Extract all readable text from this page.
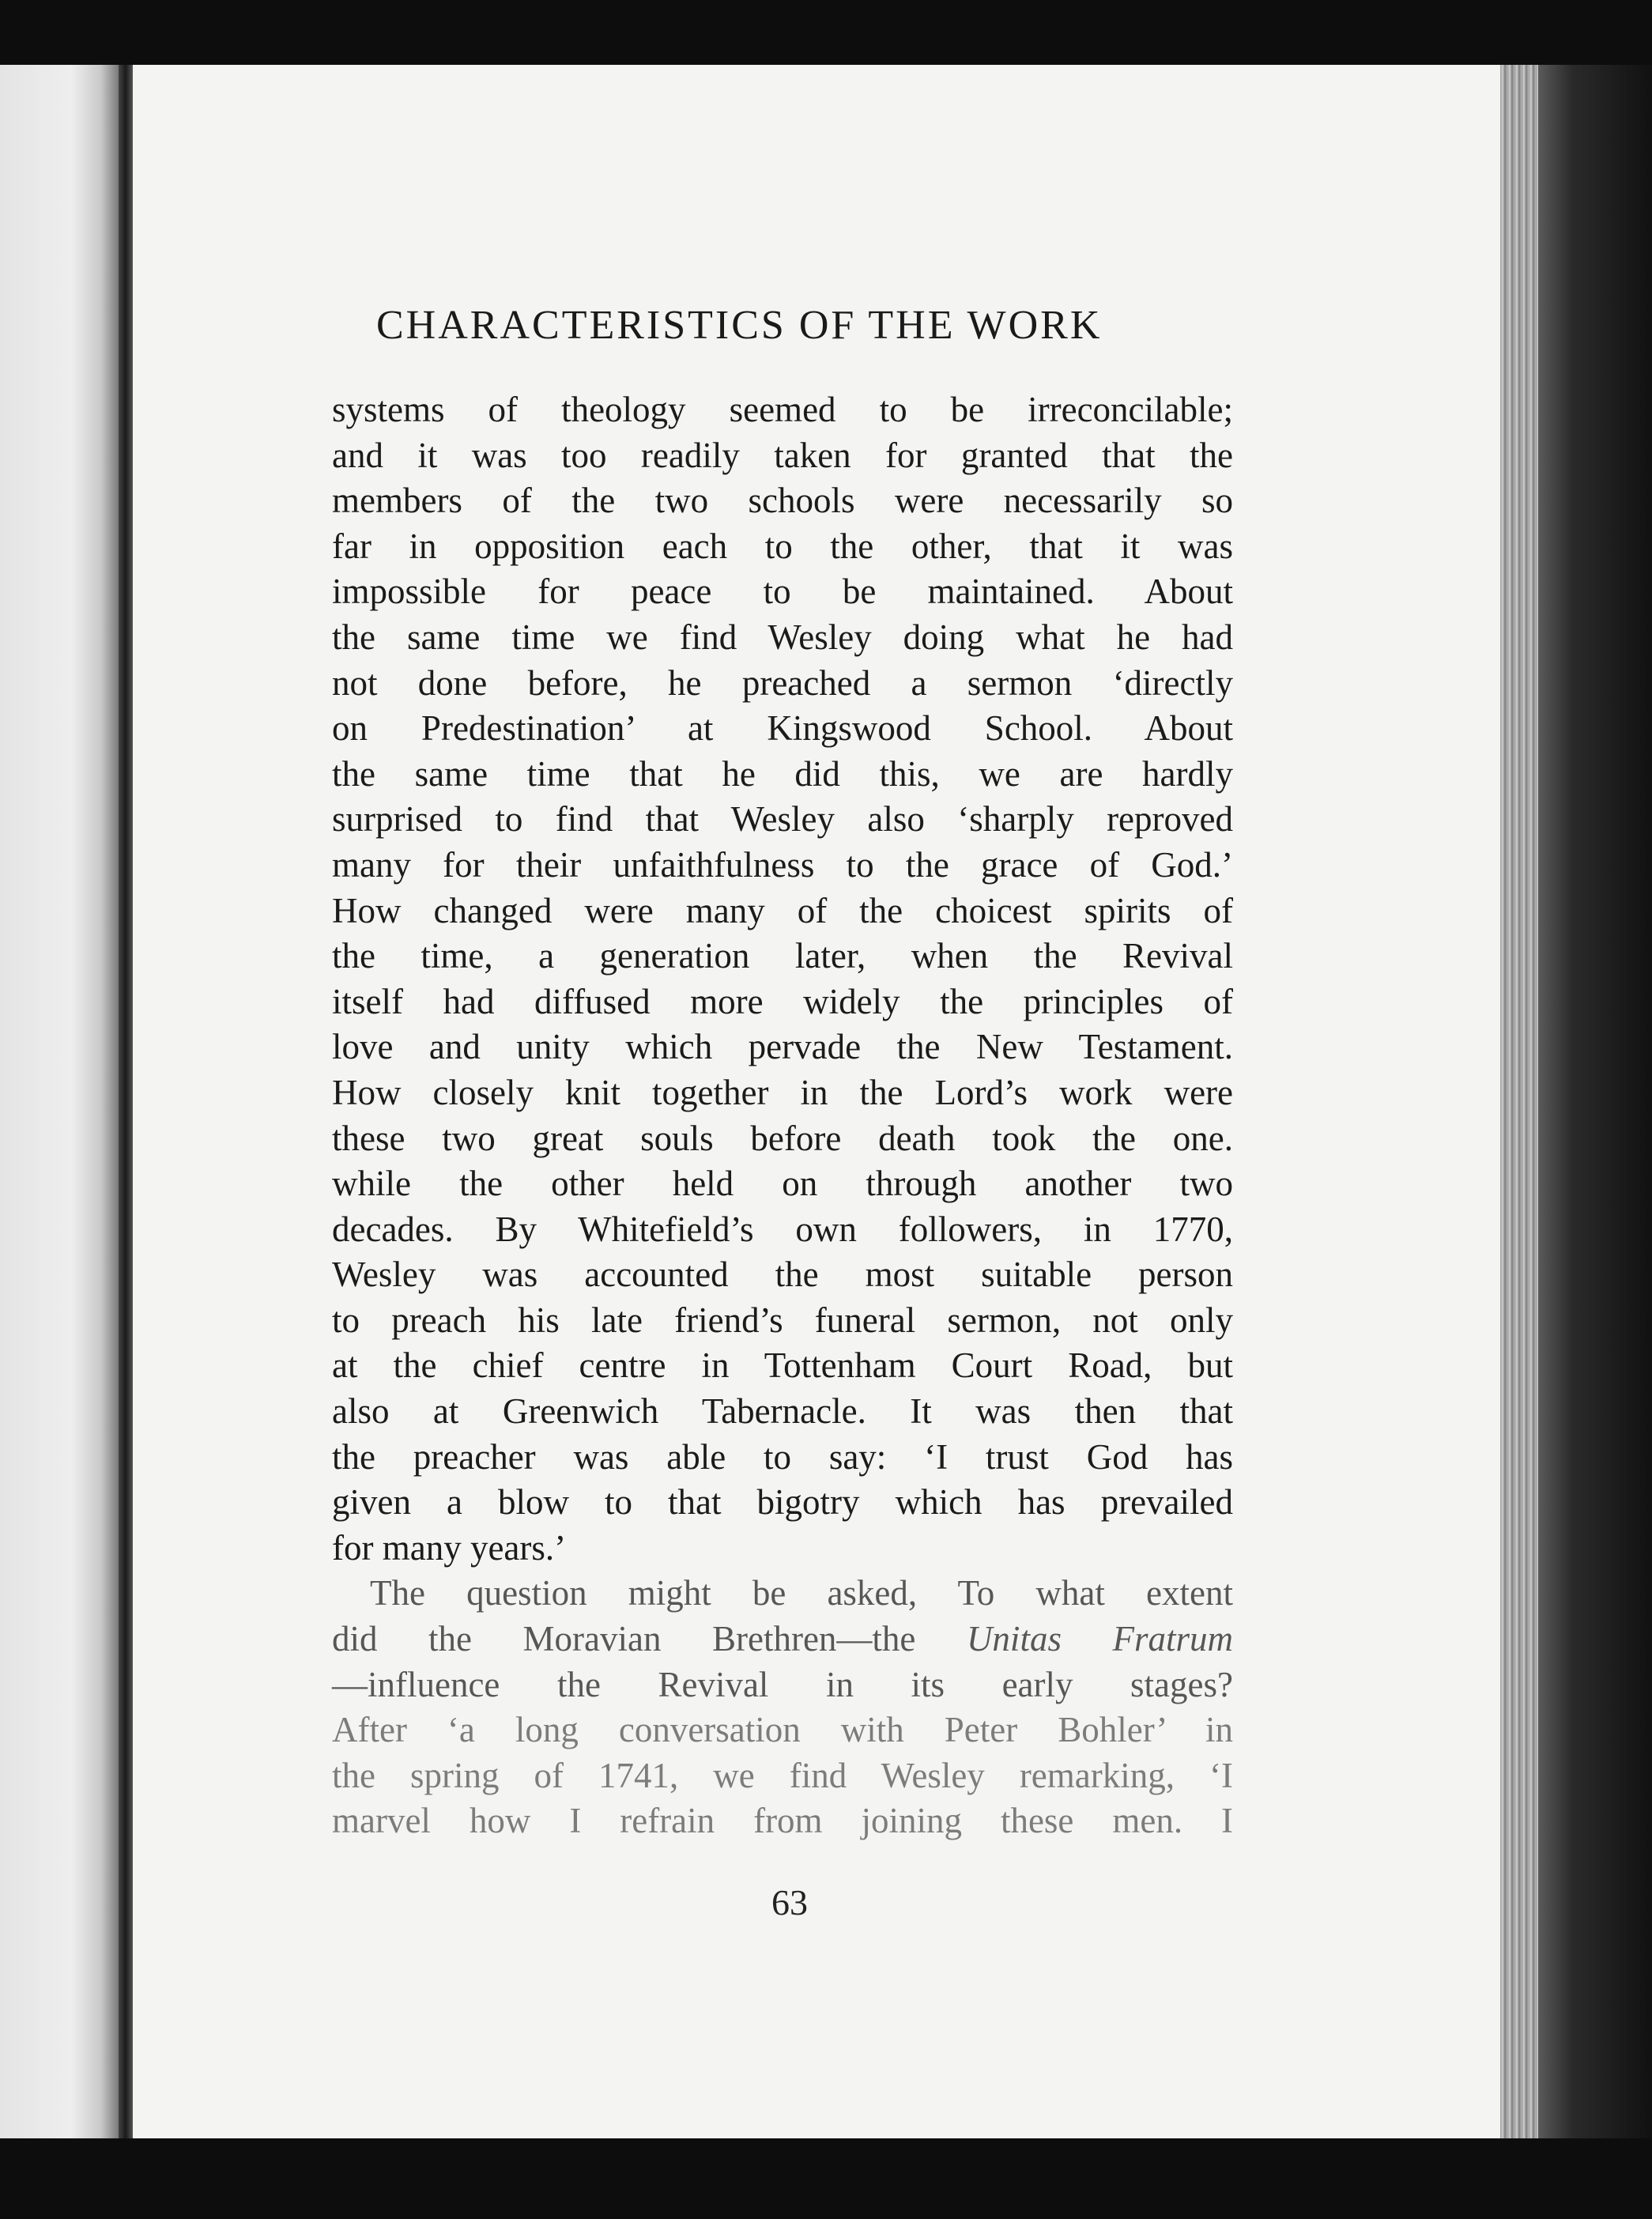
CHARACTERISTICS OF THE WORK
systems of theology seemed to be irreconcilable;
and it was too readily taken for granted that the
members of the two schools were necessarily so
far in opposition each to the other, that it was
impossible for peace to be maintained. About
the same time we find Wesley doing what he had
not done before, he preached a sermon ‘directly
on Predestination’ at Kingswood School. About
the same time that he did this, we are hardly
surprised to find that Wesley also ‘sharply reproved
many for their unfaithfulness to the grace of God.’
How changed were many of the choicest spirits of
the time, a generation later, when the Revival
itself had diffused more widely the principles of
love and unity which pervade the New Testament.
How closely knit together in the Lord’s work were
these two great souls before death took the one.
while the other held on through another two
decades. By Whitefield’s own followers, in 1770,
Wesley was accounted the most suitable person
to preach his late friend’s funeral sermon, not only
at the chief centre in Tottenham Court Road, but
also at Greenwich Tabernacle. It was then that
the preacher was able to say: ‘I trust God has
given a blow to that bigotry which has prevailed
for many years.’
The question might be asked, To what extent
did the Moravian Brethren—the Unitas Fratrum
—influence the Revival in its early stages?
After ‘a long conversation with Peter Bohler’ in
the spring of 1741, we find Wesley remarking, ‘I
marvel how I refrain from joining these men. I
63
